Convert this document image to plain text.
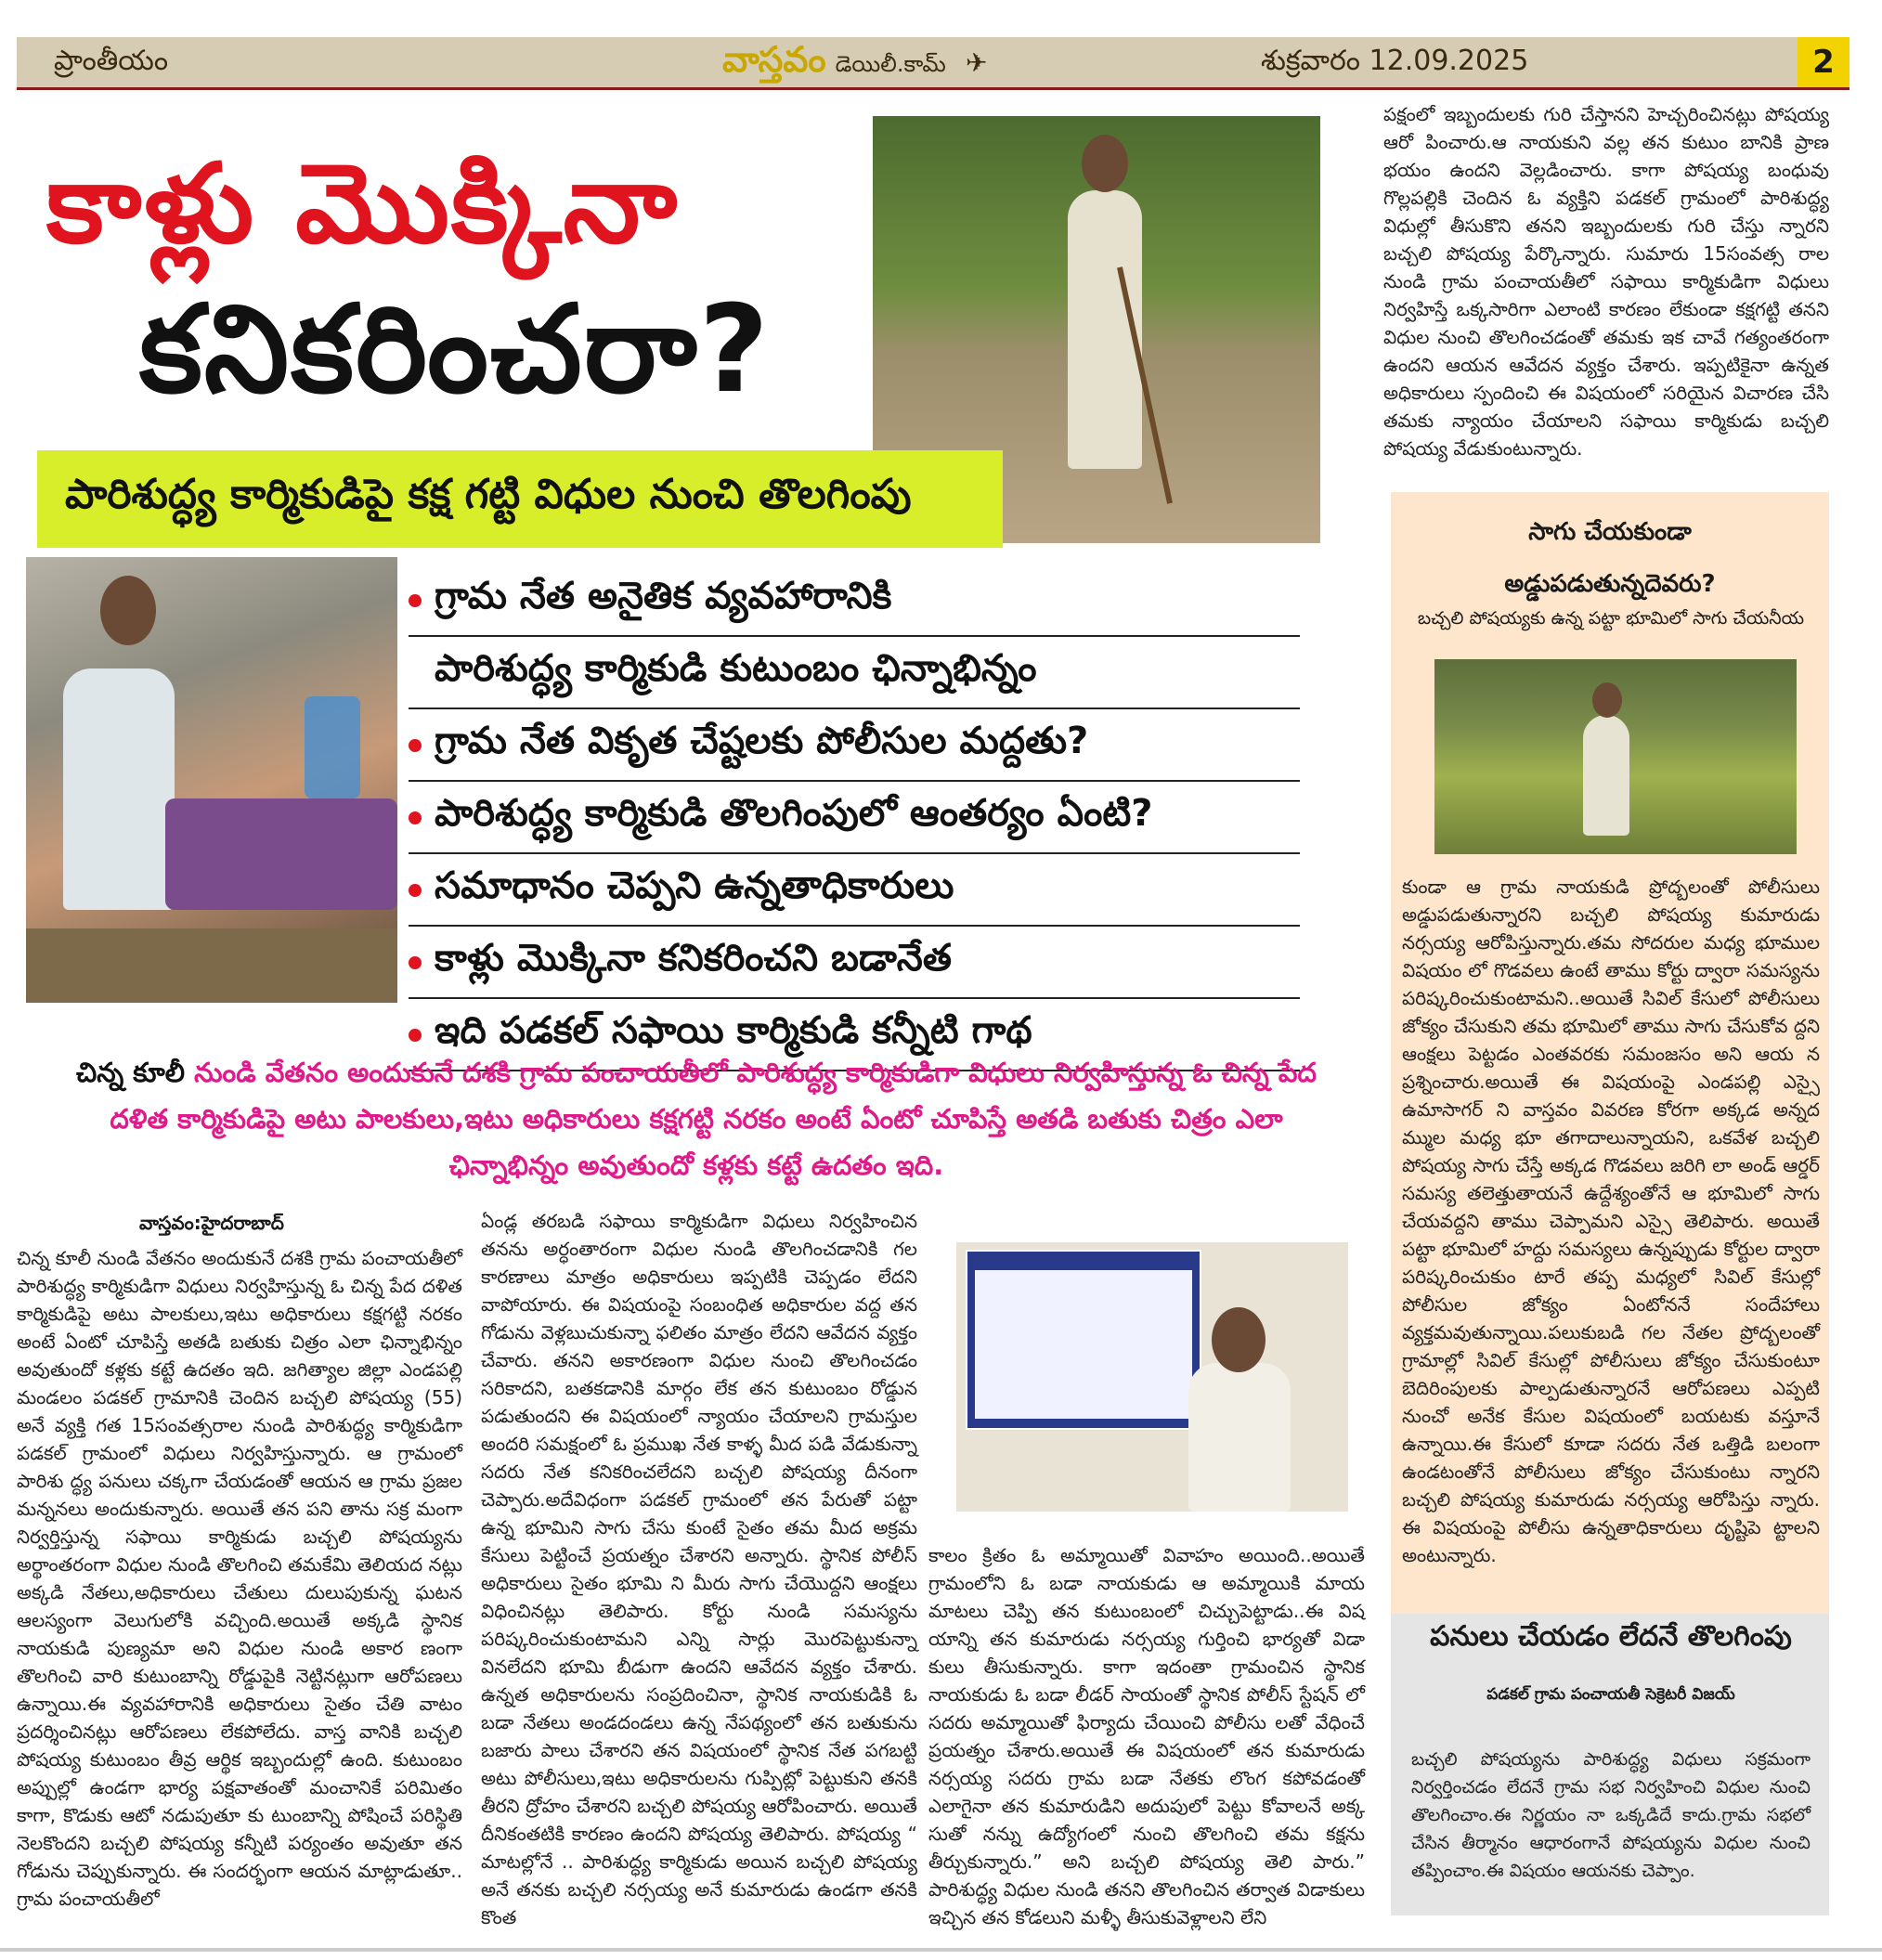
ప్రాంతీయం	వాస్తవం డెయిలీ.కామ్ ✈	శుక్రవారం 12.09.2025	2
కాళ్లు మొక్కినా
కనికరించరా?
పారిశుద్ధ్య కార్మికుడిపై కక్ష గట్టి విధుల నుంచి తొలగింపు
గ్రామ నేత అనైతిక వ్యవహారానికి
పారిశుద్ధ్య కార్మికుడి కుటుంబం ఛిన్నాభిన్నం
గ్రామ నేత వికృత చేష్టలకు పోలీసుల మద్దతు?
పారిశుద్ధ్య కార్మికుడి తొలగింపులో ఆంతర్యం ఏంటి?
సమాధానం చెప్పని ఉన్నతాధికారులు
కాళ్లు మొక్కినా కనికరించని బడానేత
ఇది పడకల్ సఫాయి కార్మికుడి కన్నీటి గాథ
చిన్న కూలీ నుండి వేతనం అందుకునే దశకి గ్రామ పంచాయతీలో పారిశుద్ధ్య కార్మికుడిగా విధులు నిర్వహిస్తున్న ఓ చిన్న పేద దళిత కార్మికుడిపై అటు పాలకులు,ఇటు అధికారులు కక్షగట్టి నరకం అంటే ఏంటో చూపిస్తే అతడి బతుకు చిత్రం ఎలా ఛిన్నాభిన్నం అవుతుందో కళ్లకు కట్టే ఉదతం ఇది.
వాస్తవం:హైదరాబాద్
చిన్న కూలీ నుండి వేతనం అందుకునే దశకి గ్రామ పంచాయతీలో పారిశుద్ధ్య కార్మికుడిగా విధులు నిర్వహిస్తున్న ఓ చిన్న పేద దళిత కార్మికుడిపై అటు పాలకులు,ఇటు అధికారులు కక్షగట్టి నరకం అంటే ఏంటో చూపిస్తే అతడి బతుకు చిత్రం ఎలా ఛిన్నాభిన్నం అవుతుందో కళ్లకు కట్టే ఉదతం ఇది. జగిత్యాల జిల్లా ఎండపల్లి మండలం పడకల్ గ్రామానికి చెందిన బచ్చలి పోషయ్య (55) అనే వ్యక్తి గత 15సంవత్సరాల నుండి పారిశుద్ధ్య కార్మికుడిగా పడకల్ గ్రామంలో విధులు నిర్వహిస్తున్నారు. ఆ గ్రామంలో పారిశు ద్ధ్య పనులు చక్కగా చేయడంతో ఆయన ఆ గ్రామ ప్రజల మన్ననలు అందుకున్నారు. అయితే తన పని తాను సక్ర మంగా నిర్వర్తిస్తున్న సఫాయి కార్మికుడు బచ్చలి పోషయ్యను అర్థాంతరంగా విధుల నుండి తొలగించి తమకేమి తెలియద నట్లు అక్కడి నేతలు,అధికారులు చేతులు దులుపుకున్న ఘటన ఆలస్యంగా వెలుగులోకి వచ్చింది.అయితే అక్కడి స్థానిక నాయకుడి పుణ్యమా అని విధుల నుండి అకార ణంగా తొలగించి వారి కుటుంబాన్ని రోడ్డుపైకి నెట్టినట్లుగా ఆరోపణలు ఉన్నాయి.ఈ వ్యవహారానికి అధికారులు సైతం చేతి వాటం ప్రదర్శించినట్లు ఆరోపణలు లేకపోలేదు. వాస్త వానికి బచ్చలి పోషయ్య కుటుంబం తీవ్ర ఆర్థిక ఇబ్బందుల్లో ఉంది. కుటుంబం అప్పుల్లో ఉండగా భార్య పక్షవాతంతో మంచానికే పరిమితం కాగా, కొడుకు ఆటో నడుపుతూ కు టుంబాన్ని పోషించే పరిస్థితి నెలకొందని బచ్చలి పోషయ్య కన్నీటి పర్యంతం అవుతూ తన గోడును చెప్పుకున్నారు. ఈ సందర్భంగా ఆయన మాట్లాడుతూ.. గ్రామ పంచాయతీలో
ఏండ్ల తరబడి సఫాయి కార్మికుడిగా విధులు నిర్వహించిన తనను అర్ధంతారంగా విధుల నుండి తొలగించడానికి గల కారణాలు మాత్రం అధికారులు ఇప్పటికి చెప్పడం లేదని వాపోయారు. ఈ విషయంపై సంబంధిత అధికారుల వద్ద తన గోడును వెళ్లబుచుకున్నా ఫలితం మాత్రం లేదని ఆవేదన వ్యక్తం చేవారు. తనని అకారణంగా విధుల నుంచి తొలగించడం సరికాదని, బతకడానికి మార్గం లేక తన కుటుంబం రోడ్డున పడుతుందని ఈ విషయంలో న్యాయం చేయాలని గ్రామస్తుల అందరి సమక్షంలో ఓ ప్రముఖ నేత కాళ్ళ మీద పడి వేడుకున్నా సదరు నేత కనికరించలేదని బచ్చలి పోషయ్య దీనంగా చెప్పారు.అదేవిధంగా పడకల్ గ్రామంలో తన పేరుతో పట్టా ఉన్న భూమిని సాగు చేసు కుంటే సైతం తమ మీద అక్రమ కేసులు పెట్టించే ప్రయత్నం చేశారని అన్నారు. స్థానిక పోలీస్ అధికారులు సైతం భూమి ని మీరు సాగు చేయొద్దని ఆంక్షలు విధించినట్లు తెలిపారు. కోర్టు నుండి సమస్యను పరిష్కరించుకుంటామని ఎన్ని సార్లు మొరపెట్టుకున్నా వినలేదని భూమి బీడుగా ఉందని ఆవేదన వ్యక్తం చేశారు. ఉన్నత అధికారులను సంప్రదించినా, స్థానిక నాయకుడికి ఓ బడా నేతలు అండదండలు ఉన్న నేపథ్యంలో తన బతుకును బజారు పాలు చేశారని తన విషయంలో స్థానిక నేత పగబట్టి అటు పోలీసులు,ఇటు అధికారులను గుప్పిట్లో పెట్టుకుని తనకి తీరని ద్రోహం చేశారని బచ్చలి పోషయ్య ఆరోపించారు. అయితే దీనికంతటికి కారణం ఉందని పోషయ్య తెలిపారు. పోషయ్య “ మాటల్లోనే .. పారిశుద్ధ్య కార్మికుడు అయిన బచ్చలి పోషయ్య అనే తనకు బచ్చలి నర్సయ్య అనే కుమారుడు ఉండగా తనకి కొంత
కాలం క్రితం ఓ అమ్మాయితో వివాహం అయింది..అయితే గ్రామంలోని ఓ బడా నాయకుడు ఆ అమ్మాయికి మాయ మాటలు చెప్పి తన కుటుంబంలో చిచ్చుపెట్టాడు..ఈ విష యాన్ని తన కుమారుడు నర్సయ్య గుర్తించి భార్యతో విడా కులు తీసుకున్నారు. కాగా ఇదంతా గ్రామంచిన స్థానిక నాయకుడు ఓ బడా లీడర్ సాయంతో స్థానిక పోలీస్ స్టేషన్ లో సదరు అమ్మాయితో ఫిర్యాదు చేయించి పోలీసు లతో వేధించే ప్రయత్నం చేశారు.అయితే ఈ విషయంలో తన కుమారుడు నర్సయ్య సదరు గ్రామ బడా నేతకు లొంగ కపోవడంతో ఎలాగైనా తన కుమారుడిని అదుపులో పెట్టు కోవాలనే అక్క సుతో నన్ను ఉద్యోగంలో నుంచి తొలగించి తమ కక్షను తీర్చుకున్నారు.” అని బచ్చలి పోషయ్య తెలి పారు.” పారిశుద్ధ్య విధుల నుండి తనని తొలగించిన తర్వాత విడాకులు ఇచ్చిన తన కోడలుని మళ్ళీ తీసుకువెళ్లాలని లేని
పక్షంలో ఇబ్బందులకు గురి చేస్తానని హెచ్చరించినట్లు పోషయ్య ఆరో పించారు.ఆ నాయకుని వల్ల తన కుటుం బానికి ప్రాణ భయం ఉందని వెల్లడించారు. కాగా పోషయ్య బంధువు గొల్లపల్లికి చెందిన ఓ వ్యక్తిని పడకల్ గ్రామంలో పారిశుద్ధ్య విధుల్లో తీసుకొని తనని ఇబ్బందులకు గురి చేస్తు న్నారని బచ్చలి పోషయ్య పేర్కొన్నారు. సుమారు 15సంవత్స రాల నుండి గ్రామ పంచాయతీలో సఫాయి కార్మికుడిగా విధులు నిర్వహిస్తే ఒక్కసారిగా ఎలాంటి కారణం లేకుండా కక్షగట్టి తనని విధుల నుంచి తొలగించడంతో తమకు ఇక చావే గత్యంతరంగా ఉందని ఆయన ఆవేదన వ్యక్తం చేశారు. ఇప్పటికైనా ఉన్నత అధికారులు స్పందించి ఈ విషయంలో సరియైన విచారణ చేసి తమకు న్యాయం చేయాలని సఫాయి కార్మికుడు బచ్చలి పోషయ్య వేడుకుంటున్నారు.
సాగు చేయకుండా
అడ్డుపడుతున్నదెవరు?
బచ్చలి పోషయ్యకు ఉన్న పట్టా భూమిలో సాగు చేయనీయ
కుండా ఆ గ్రామ నాయకుడి ప్రోద్బలంతో పోలీసులు అడ్డుపడుతున్నారని బచ్చలి పోషయ్య కుమారుడు నర్సయ్య ఆరోపిస్తున్నారు.తమ సోదరుల మధ్య భూముల విషయం లో గొడవలు ఉంటే తాము కోర్టు ద్వారా సమస్యను పరిష్కరించుకుంటామని..అయితే సివిల్ కేసులో పోలీసులు జోక్యం చేసుకుని తమ భూమిలో తాము సాగు చేసుకోవ ద్దని ఆంక్షలు పెట్టడం ఎంతవరకు సమంజసం అని ఆయ న ప్రశ్నించారు.అయితే ఈ విషయంపై ఎండపల్లి ఎస్సై ఉమాసాగర్ ని వాస్తవం వివరణ కోరగా అక్కడ అన్నద మ్ముల మధ్య భూ తగాదాలున్నాయని, ఒకవేళ బచ్చలి పోషయ్య సాగు చేస్తే అక్కడ గొడవలు జరిగి లా అండ్ ఆర్డర్ సమస్య తలెత్తుతాయనే ఉద్దేశ్యంతోనే ఆ భూమిలో సాగు చేయవద్దని తాము చెప్పామని ఎస్సై తెలిపారు. అయితే పట్టా భూమిలో హద్దు సమస్యలు ఉన్నప్పుడు కోర్టుల ద్వారా పరిష్కరించుకుం టారే తప్ప మధ్యలో సివిల్ కేసుల్లో పోలీసుల జోక్యం ఏంటోననే సందేహాలు వ్యక్తమవుతున్నాయి.పలుకుబడి గల నేతల ప్రోద్బలంతో గ్రామాల్లో సివిల్ కేసుల్లో పోలీసులు జోక్యం చేసుకుంటూ బెదిరింపులకు పాల్పడుతున్నారనే ఆరోపణలు ఎప్పటి నుంచో అనేక కేసుల విషయంలో బయటకు వస్తూనే ఉన్నాయి.ఈ కేసులో కూడా సదరు నేత ఒత్తిడి బలంగా ఉండటంతోనే పోలీసులు జోక్యం చేసుకుంటు న్నారని బచ్చలి పోషయ్య కుమారుడు నర్సయ్య ఆరోపిస్తు న్నారు. ఈ విషయంపై పోలీసు ఉన్నతాధికారులు దృష్టిపె ట్టాలని అంటున్నారు.
పనులు చేయడం లేదనే తొలగింపు
పడకల్ గ్రామ పంచాయతీ సెక్రెటరీ విజయ్
బచ్చలి పోషయ్యను పారిశుద్ధ్య విధులు సక్రమంగా నిర్వర్తించడం లేదనే గ్రామ సభ నిర్వహించి విధుల నుంచి తొలగించాం.ఈ నిర్ణయం నా ఒక్కడిదే కాదు.గ్రామ సభలో చేసిన తీర్మానం ఆధారంగానే పోషయ్యను విధుల నుంచి తప్పించాం.ఈ విషయం ఆయనకు చెప్పాం.
